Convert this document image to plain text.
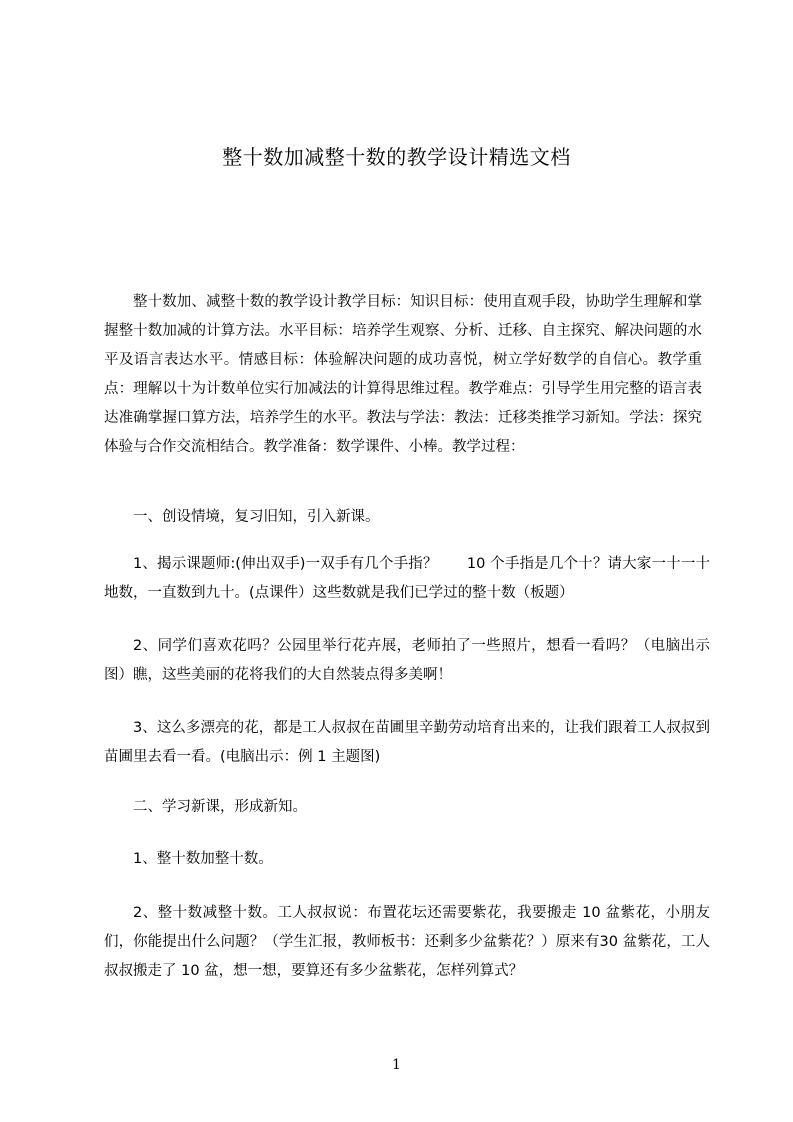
整十数加减整十数的教学设计精选文档

整十数加、减整十数的教学设计教学目标：知识目标：使用直观手段，协助学生理解和掌握整十数加减的计算方法。水平目标：培养学生观察、分析、迁移、自主探究、解决问题的水平及语言表达水平。情感目标：体验解决问题的成功喜悦，树立学好数学的自信心。教学重点：理解以十为计数单位实行加减法的计算得思维过程。教学难点：引导学生用完整的语言表达准确掌握口算方法，培养学生的水平。教法与学法：教法：迁移类推学习新知。学法：探究体验与合作交流相结合。教学准备：数学课件、小棒。教学过程：

一、创设情境，复习旧知，引入新课。

1、揭示课题师:(伸出双手)一双手有几个手指？　　10 个手指是几个十？请大家一十一十地数，一直数到九十。(点课件）这些数就是我们已学过的整十数（板题）

2、同学们喜欢花吗？公园里举行花卉展，老师拍了一些照片，想看一看吗？（电脑出示图）瞧，这些美丽的花将我们的大自然装点得多美啊！

3、这么多漂亮的花，都是工人叔叔在苗圃里辛勤劳动培育出来的，让我们跟着工人叔叔到苗圃里去看一看。(电脑出示：例 1 主题图)

二、学习新课，形成新知。

1、整十数加整十数。

2、整十数减整十数。工人叔叔说：布置花坛还需要紫花，我要搬走 10 盆紫花，小朋友们，你能提出什么问题？（学生汇报，教师板书：还剩多少盆紫花？）原来有30 盆紫花，工人叔叔搬走了 10 盆，想一想，要算还有多少盆紫花，怎样列算式？

1
